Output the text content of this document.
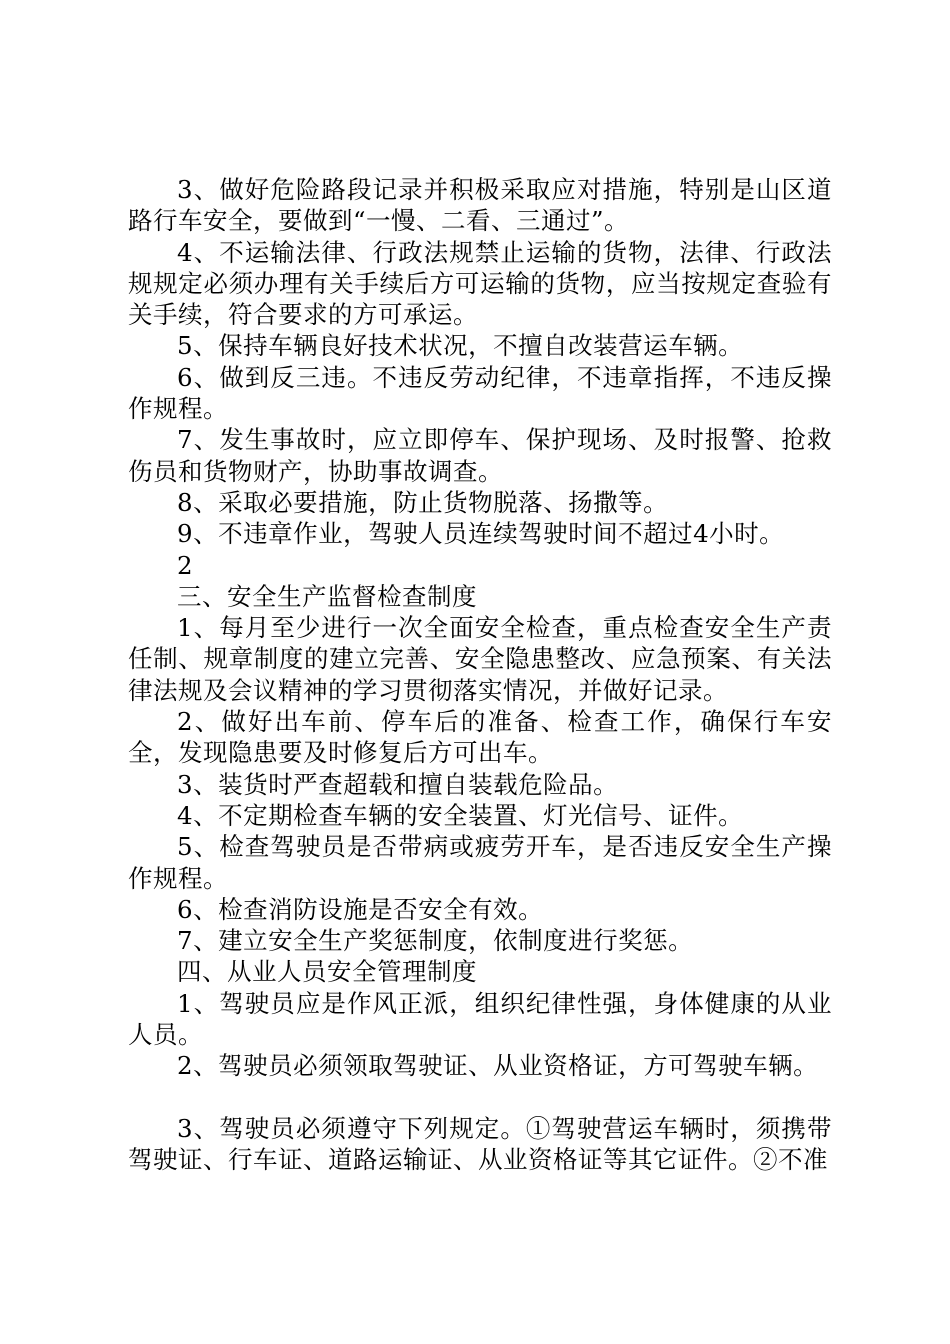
3、做好危险路段记录并积极采取应对措施，特别是山区道路行车安全，要做到“一慢、二看、三通过”。

4、不运输法律、行政法规禁止运输的货物，法律、行政法规规定必须办理有关手续后方可运输的货物，应当按规定查验有关手续，符合要求的方可承运。

5、保持车辆良好技术状况，不擅自改装营运车辆。

6、做到反三违。不违反劳动纪律，不违章指挥，不违反操作规程。

7、发生事故时，应立即停车、保护现场、及时报警、抢救伤员和货物财产，协助事故调查。

8、采取必要措施，防止货物脱落、扬撒等。

9、不违章作业，驾驶人员连续驾驶时间不超过4小时。

2

三、安全生产监督检查制度

1、每月至少进行一次全面安全检查，重点检查安全生产责任制、规章制度的建立完善、安全隐患整改、应急预案、有关法律法规及会议精神的学习贯彻落实情况，并做好记录。

2、做好出车前、停车后的准备、检查工作，确保行车安全，发现隐患要及时修复后方可出车。

3、装货时严查超载和擅自装载危险品。

4、不定期检查车辆的安全装置、灯光信号、证件。

5、检查驾驶员是否带病或疲劳开车，是否违反安全生产操作规程。

6、检查消防设施是否安全有效。

7、建立安全生产奖惩制度，依制度进行奖惩。

四、从业人员安全管理制度

1、驾驶员应是作风正派，组织纪律性强，身体健康的从业人员。

2、驾驶员必须领取驾驶证、从业资格证，方可驾驶车辆。

3、驾驶员必须遵守下列规定。①驾驶营运车辆时，须携带驾驶证、行车证、道路运输证、从业资格证等其它证件。②不准
